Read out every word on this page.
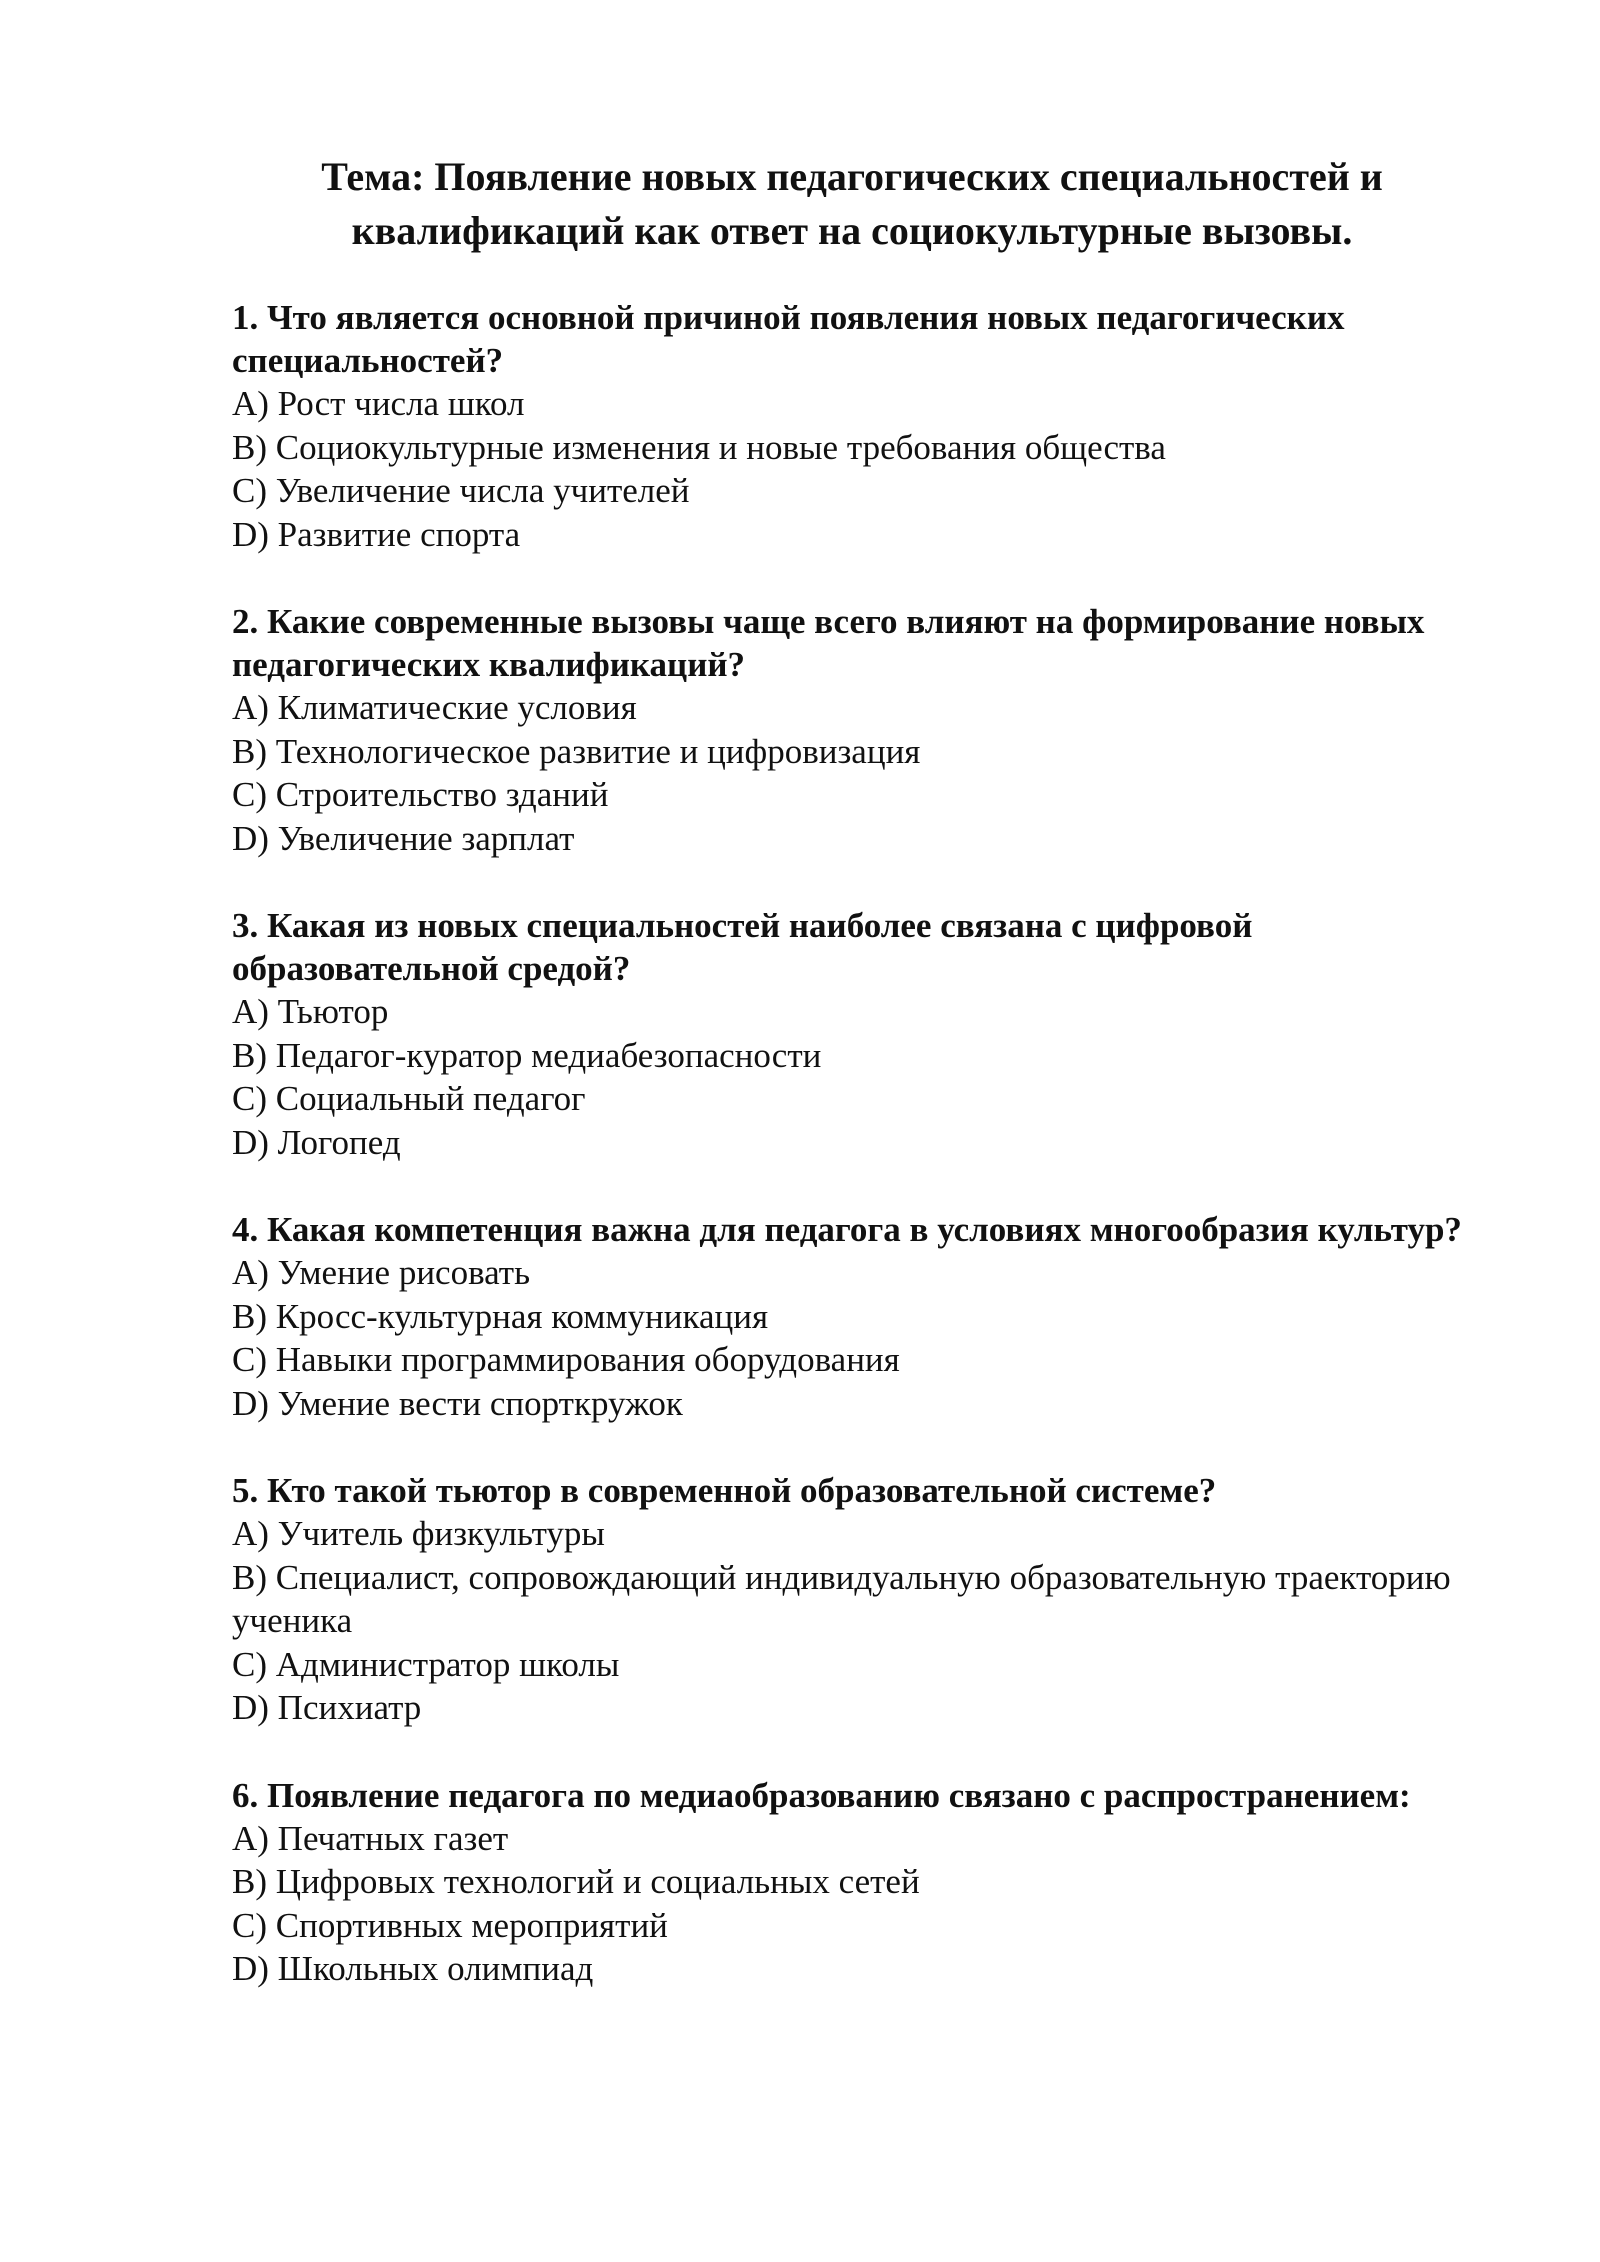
Тема: Появление новых педагогических специальностей и квалификаций как ответ на социокультурные вызовы.

1. Что является основной причиной появления новых педагогических специальностей?

A) Рост числа школ

B) Социокультурные изменения и новые требования общества

C) Увеличение числа учителей

D) Развитие спорта

2. Какие современные вызовы чаще всего влияют на формирование новых педагогических квалификаций?

A) Климатические условия

B) Технологическое развитие и цифровизация

C) Строительство зданий

D) Увеличение зарплат

3. Какая из новых специальностей наиболее связана с цифровой образовательной средой?

A) Тьютор

B) Педагог-куратор медиабезопасности

C) Социальный педагог

D) Логопед

4. Какая компетенция важна для педагога в условиях многообразия культур?

A) Умение рисовать

B) Кросс-культурная коммуникация

C) Навыки программирования оборудования

D) Умение вести спорткружок

5. Кто такой тьютор в современной образовательной системе?

A) Учитель физкультуры

B) Специалист, сопровождающий индивидуальную образовательную траекторию ученика

C) Администратор школы

D) Психиатр

6. Появление педагога по медиаобразованию связано с распространением:

A) Печатных газет

B) Цифровых технологий и социальных сетей

C) Спортивных мероприятий

D) Школьных олимпиад
